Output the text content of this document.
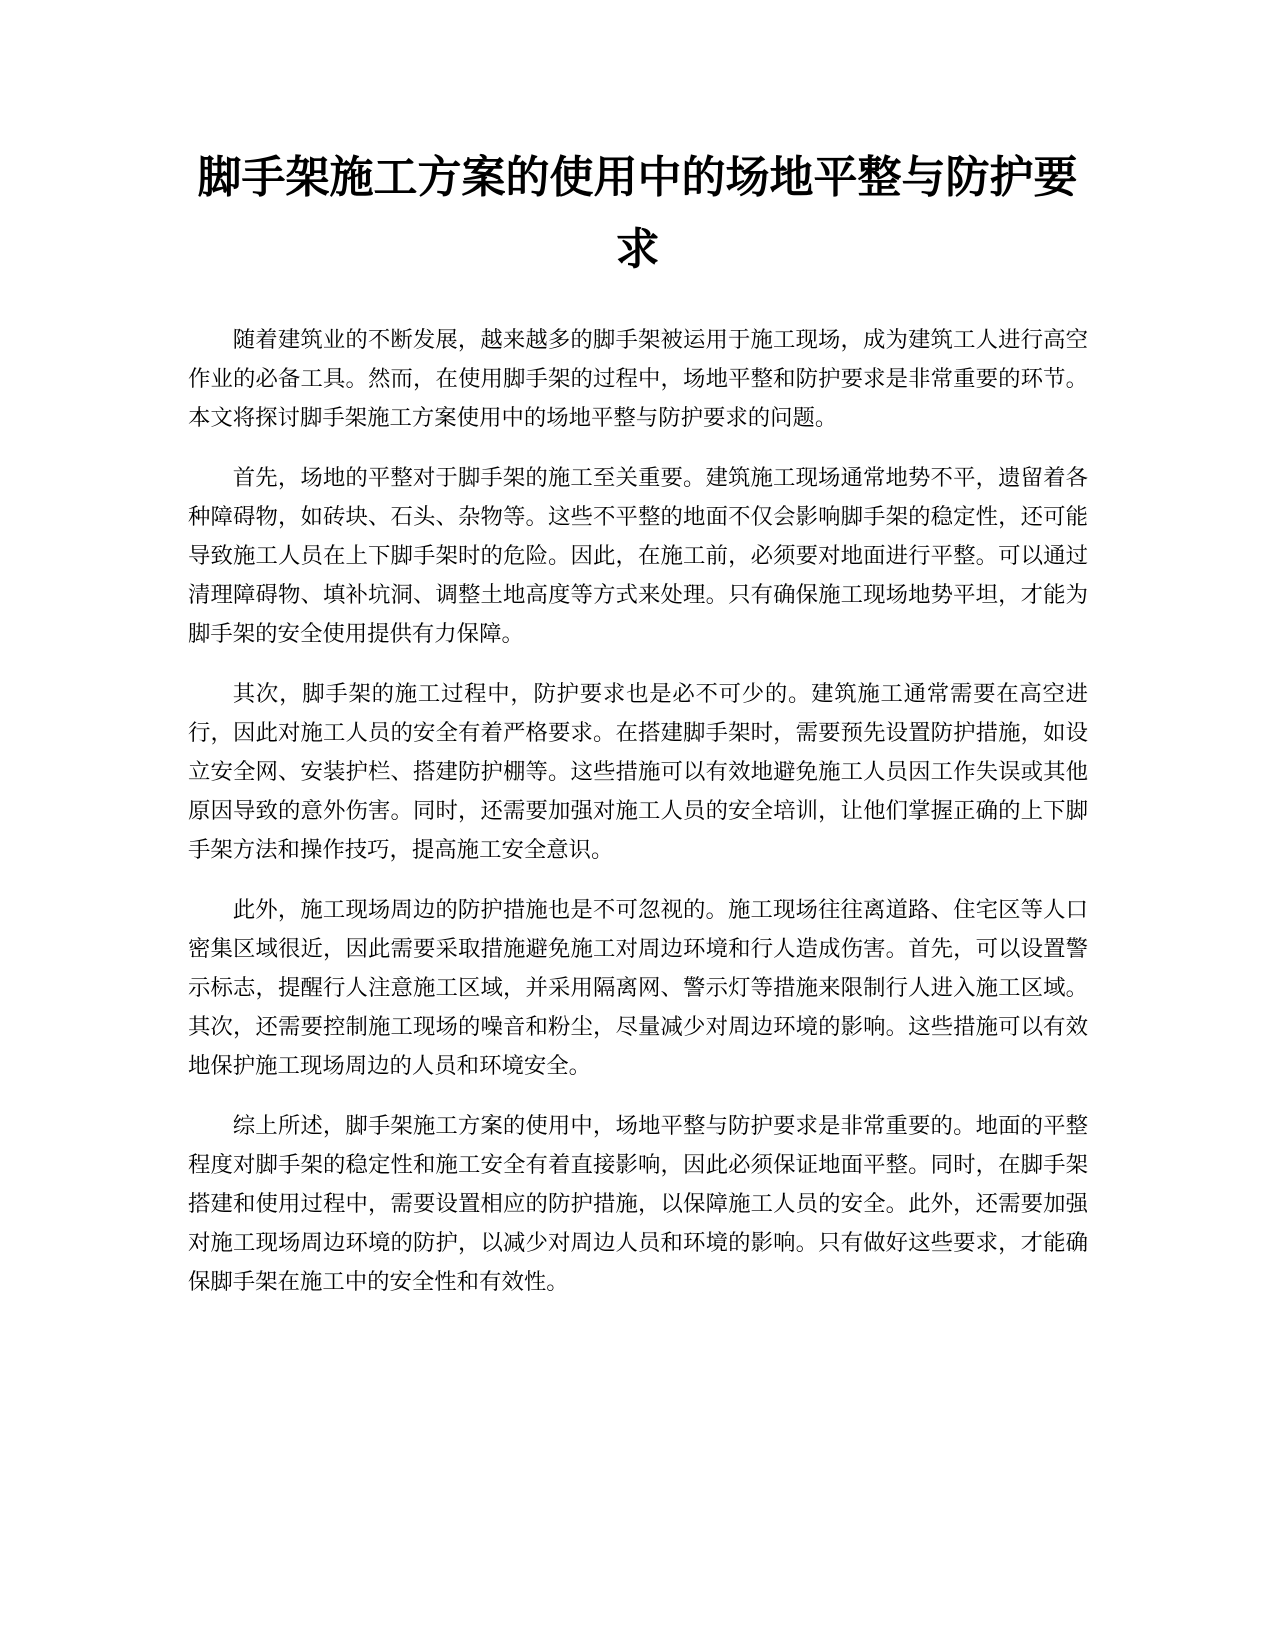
脚手架施工方案的使用中的场地平整与防护要求

随着建筑业的不断发展，越来越多的脚手架被运用于施工现场，成为建筑工人进行高空作业的必备工具。然而，在使用脚手架的过程中，场地平整和防护要求是非常重要的环节。本文将探讨脚手架施工方案使用中的场地平整与防护要求的问题。

首先，场地的平整对于脚手架的施工至关重要。建筑施工现场通常地势不平，遗留着各种障碍物，如砖块、石头、杂物等。这些不平整的地面不仅会影响脚手架的稳定性，还可能导致施工人员在上下脚手架时的危险。因此，在施工前，必须要对地面进行平整。可以通过清理障碍物、填补坑洞、调整土地高度等方式来处理。只有确保施工现场地势平坦，才能为脚手架的安全使用提供有力保障。

其次，脚手架的施工过程中，防护要求也是必不可少的。建筑施工通常需要在高空进行，因此对施工人员的安全有着严格要求。在搭建脚手架时，需要预先设置防护措施，如设立安全网、安装护栏、搭建防护棚等。这些措施可以有效地避免施工人员因工作失误或其他原因导致的意外伤害。同时，还需要加强对施工人员的安全培训，让他们掌握正确的上下脚手架方法和操作技巧，提高施工安全意识。

此外，施工现场周边的防护措施也是不可忽视的。施工现场往往离道路、住宅区等人口密集区域很近，因此需要采取措施避免施工对周边环境和行人造成伤害。首先，可以设置警示标志，提醒行人注意施工区域，并采用隔离网、警示灯等措施来限制行人进入施工区域。其次，还需要控制施工现场的噪音和粉尘，尽量减少对周边环境的影响。这些措施可以有效地保护施工现场周边的人员和环境安全。

综上所述，脚手架施工方案的使用中，场地平整与防护要求是非常重要的。地面的平整程度对脚手架的稳定性和施工安全有着直接影响，因此必须保证地面平整。同时，在脚手架搭建和使用过程中，需要设置相应的防护措施，以保障施工人员的安全。此外，还需要加强对施工现场周边环境的防护，以减少对周边人员和环境的影响。只有做好这些要求，才能确保脚手架在施工中的安全性和有效性。
